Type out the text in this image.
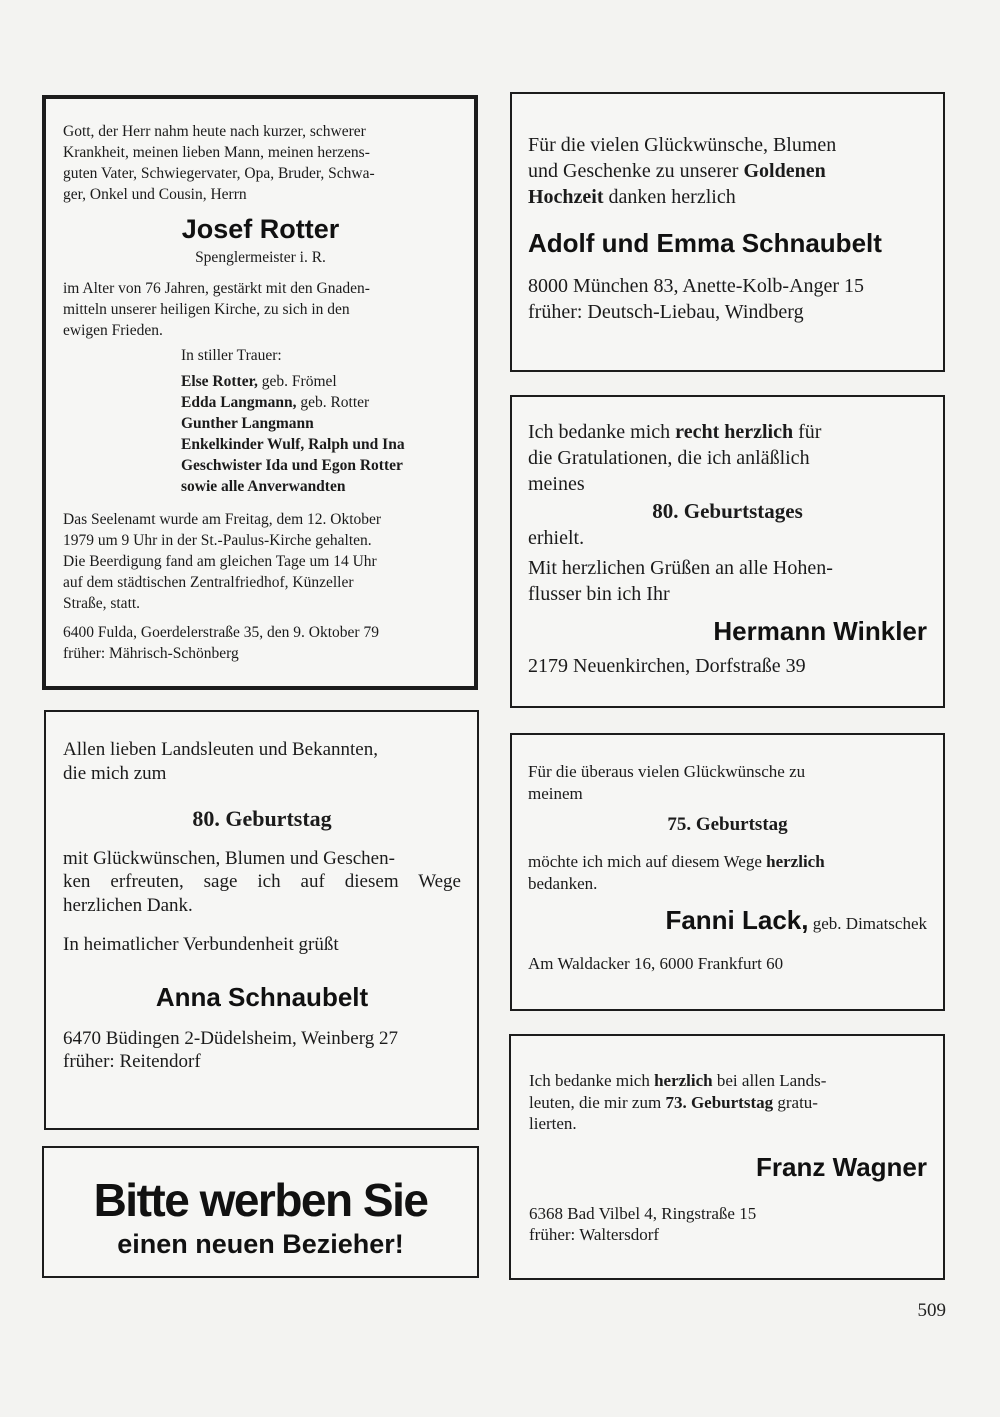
Gott, der Herr nahm heute nach kurzer, schwerer
Krankheit, meinen lieben Mann, meinen herzens-
guten Vater, Schwiegervater, Opa, Bruder, Schwa-
ger, Onkel und Cousin, Herrn
Josef Rotter
Spenglermeister i. R.
im Alter von 76 Jahren, gestärkt mit den Gnaden-
mitteln unserer heiligen Kirche, zu sich in den
ewigen Frieden.
In stiller Trauer:
Else Rotter, geb. Frömel
Edda Langmann, geb. Rotter
Gunther Langmann
Enkelkinder Wulf, Ralph und Ina
Geschwister Ida und Egon Rotter
sowie alle Anverwandten
Das Seelenamt wurde am Freitag, dem 12. Oktober
1979 um 9 Uhr in der St.-Paulus-Kirche gehalten.
Die Beerdigung fand am gleichen Tage um 14 Uhr
auf dem städtischen Zentralfriedhof, Künzeller
Straße, statt.
6400 Fulda, Goerdelerstraße 35, den 9. Oktober 79
früher: Mährisch-Schönberg
Für die vielen Glückwünsche, Blumen
und Geschenke zu unserer Goldenen
Hochzeit danken herzlich
Adolf und Emma Schnaubelt
8000 München 83, Anette-Kolb-Anger 15
früher: Deutsch-Liebau, Windberg
Ich bedanke mich recht herzlich für
die Gratulationen, die ich anläßlich
meines
80. Geburtstages
erhielt.
Mit herzlichen Grüßen an alle Hohen-
flusser bin ich Ihr
Hermann Winkler
2179 Neuenkirchen, Dorfstraße 39
Allen lieben Landsleuten und Bekannten,
die mich zum
80. Geburtstag
mit Glückwünschen, Blumen und Geschen-
ken erfreuten, sage ich auf diesem Wege
herzlichen Dank.
In heimatlicher Verbundenheit grüßt
Anna Schnaubelt
6470 Büdingen 2-Düdelsheim, Weinberg 27
früher: Reitendorf
Für die überaus vielen Glückwünsche zu
meinem
75. Geburtstag
möchte ich mich auf diesem Wege herzlich
bedanken.
Fanni Lack, geb. Dimatschek
Am Waldacker 16, 6000 Frankfurt 60
Ich bedanke mich herzlich bei allen Lands-
leuten, die mir zum 73. Geburtstag gratu-
lierten.
Franz Wagner
6368 Bad Vilbel 4, Ringstraße 15
früher: Waltersdorf
Bitte werben Sie
einen neuen Bezieher!
509
